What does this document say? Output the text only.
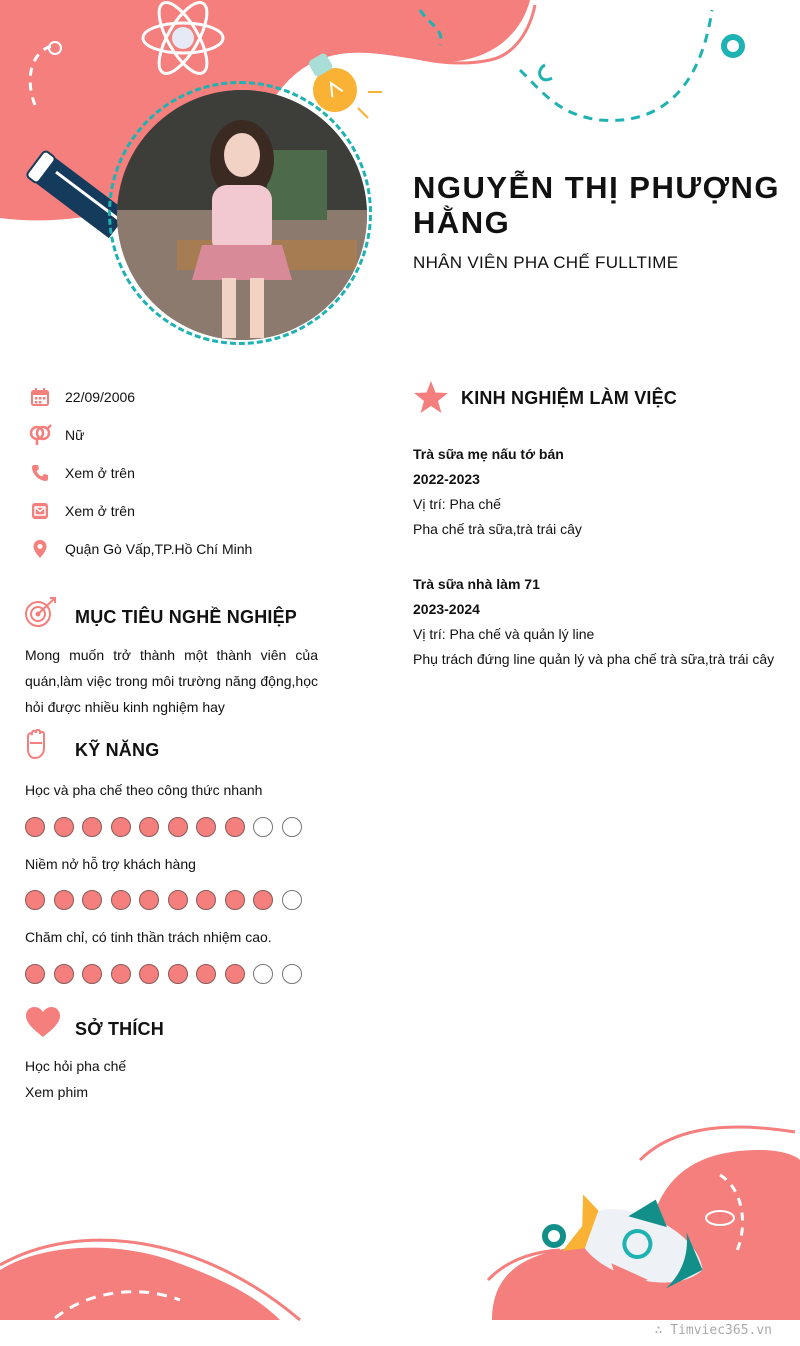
NGUYỄN THỊ PHƯỢNG HẰNG
NHÂN VIÊN PHA CHẾ FULLTIME
22/09/2006
Nữ
Xem ở trên
Xem ở trên
Quận Gò Vấp,TP.Hồ Chí Minh
MỤC TIÊU NGHỀ NGHIỆP
Mong muốn trở thành một thành viên của quán,làm việc trong môi trường năng động,học hỏi được nhiều kinh nghiệm hay
KỸ NĂNG
Học và pha chế theo công thức nhanh
Niềm nở hỗ trợ khách hàng
Chăm chỉ, có tinh thần trách nhiệm cao.
SỞ THÍCH
Học hỏi pha chế
Xem phim
KINH NGHIỆM LÀM VIỆC
Trà sữa mẹ nấu tớ bán
2022-2023
Vị trí: Pha chế
Pha chế trà sữa,trà trái cây
Trà sữa nhà làm 71
2023-2024
Vị trí: Pha chế và quản lý line
Phụ trách đứng line quản lý và pha chế trà sữa,trà trái cây
∴ Timviec365.vn
